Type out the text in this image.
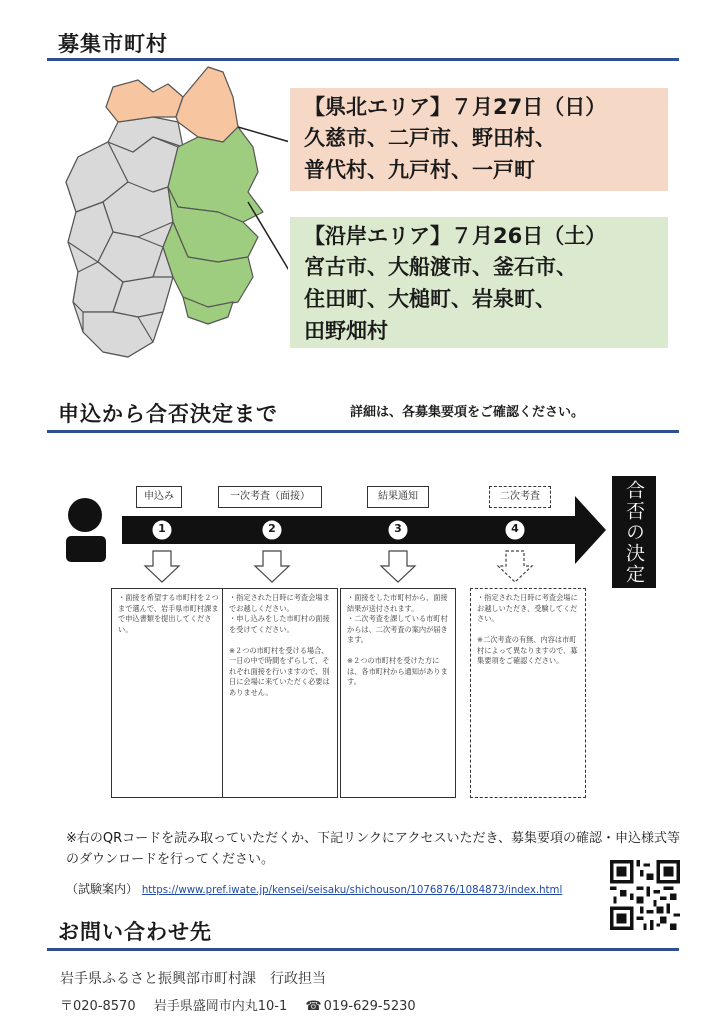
募集市町村
【県北エリア】７月27日（日）
久慈市、二戸市、野田村、
普代村、九戸村、一戸町
【沿岸エリア】７月26日（土）
宮古市、大船渡市、釜石市、
住田町、大槌町、岩泉町、
田野畑村
申込から合否決定まで	詳細は、各募集要項をご確認ください。
申込み	一次考査（面接）	結果通知	二次考査
1	2	3	4

・面接を希望する市町村を２つまで選んで、岩手県市町村課まで申込書類を提出してください。

・指定された日時に考査会場までお越しください。
・申し込みをした市町村の面接を受けてください。

※２つの市町村を受ける場合、一日の中で時間をずらして、それぞれ面接を行いますので、別日に会場に来ていただく必要はありません。

・面接をした市町村から、面接結果が送付されます。
・二次考査を課している市町村からは、二次考査の案内が届きます。

※２つの市町村を受けた方には、各市町村から通知があります。

・指定された日時に考査会場にお越しいただき、受験してください。

※二次考査の有無、内容は市町村によって異なりますので、募集要項をご確認ください。

合否の決定
※右のQRコードを読み取っていただくか、下記リンクにアクセスいただき、募集要項の確認・申込様式等のダウンロードを行ってください。
（試験案内） https://www.pref.iwate.jp/kensei/seisaku/shichouson/1076876/1084873/index.html
お問い合わせ先
岩手県ふるさと振興部市町村課　行政担当
〒020-8570 岩手県盛岡市内丸10-1 ☎ 019-629-5230
